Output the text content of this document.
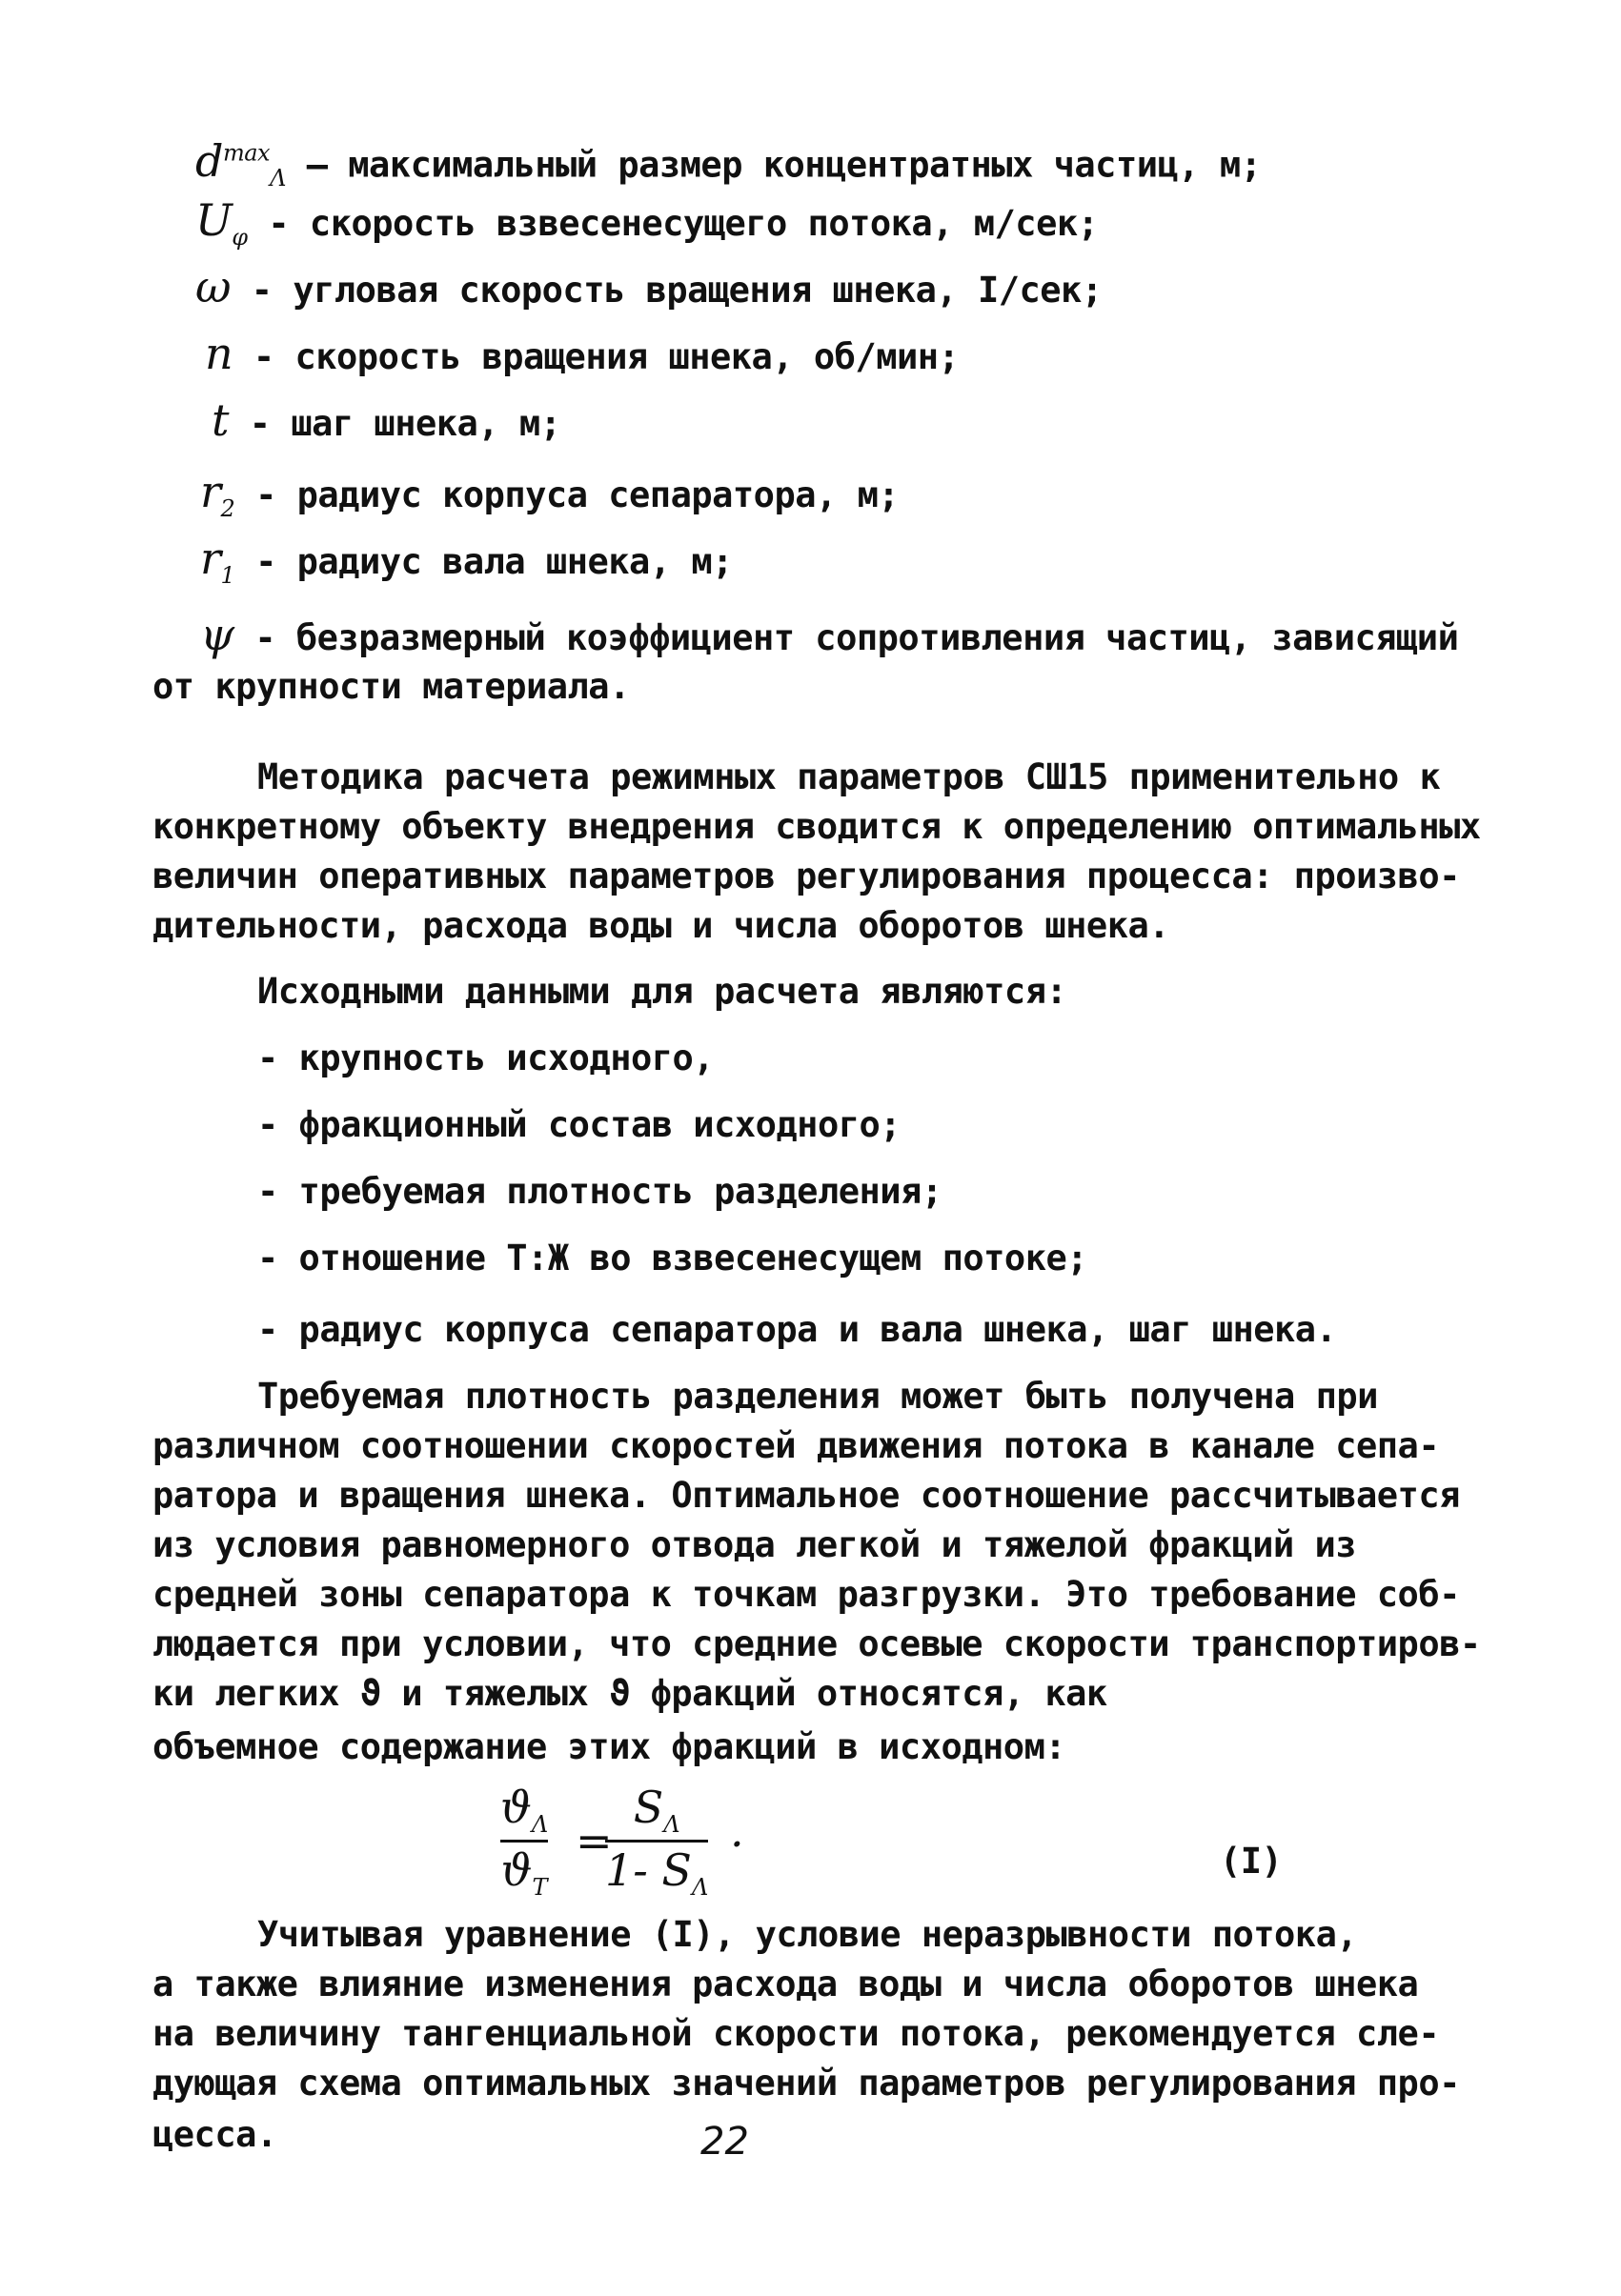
$d^{max}_\Lambda$ – максимальный размер концентратных частиц, м;
$U_\varphi$ - скорость взвесенесущего потока, м/сек;
ω - угловая скорость вращения шнека, I/сек;
n - скорость вращения шнека, об/мин;
t - шаг шнека, м;
$r_2$ - радиус корпуса сепаратора, м;
$r_1$ - радиус вала шнека, м;
ψ - безразмерный коэффициент сопротивления частиц, зависящий
от крупности материала.
Методика расчета режимных параметров СШ15 применительно к
конкретному объекту внедрения сводится к определению оптимальных
величин оперативных параметров регулирования процесса: произво-
дительности, расхода воды и числа оборотов шнека.
Исходными данными для расчета являются:
- крупность исходного,
- фракционный состав исходного;
- требуемая плотность разделения;
- отношение Т:Ж во взвесенесущем потоке;
- радиус корпуса сепаратора и вала шнека, шаг шнека.
Требуемая плотность разделения может быть получена при
различном соотношении скоростей движения потока в канале сепа-
ратора и вращения шнека. Оптимальное соотношение рассчитывается
из условия равномерного отвода легкой и тяжелой фракций из
средней зоны сепаратора к точкам разгрузки. Это требование соб-
людается при условии, что средние осевые скорости транспортиров-
ки легких ϑ и тяжелых ϑ фракций относятся, как
объемное содержание этих фракций в исходном:
$ϑ_\Lambda$
$ϑ_T$
=
$S_\Lambda$
1- $S_\Lambda$
.
(I)
Учитывая уравнение (I), условие неразрывности потока,
а также влияние изменения расхода воды и числа оборотов шнека
на величину тангенциальной скорости потока, рекомендуется сле-
дующая схема оптимальных значений параметров регулирования про-
цесса.	22
